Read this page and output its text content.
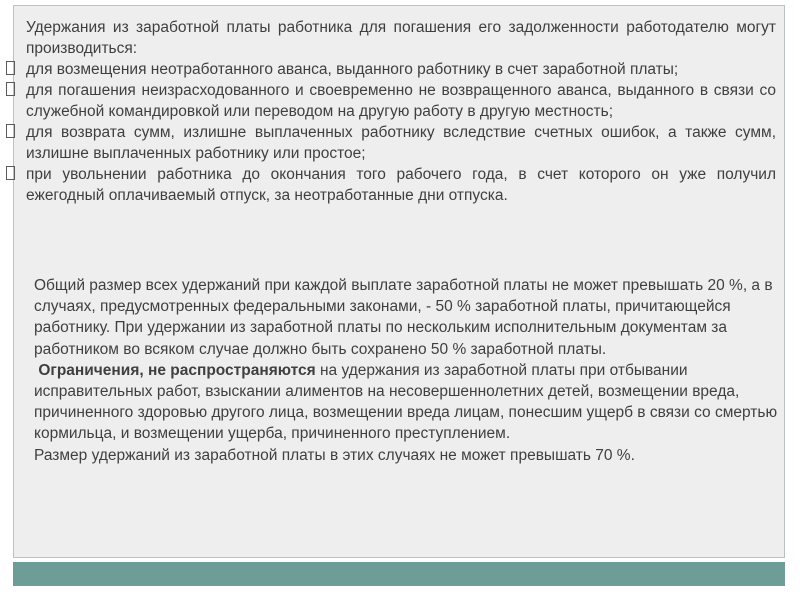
Удержания из заработной платы работника для погашения его задолженности работодателю могут производиться:

для возмещения неотработанного аванса, выданного работнику в счет заработной платы;

для погашения неизрасходованного и своевременно не возвращенного аванса, выданного в связи со служебной командировкой или переводом на другую работу в другую местность;

для возврата сумм, излишне выплаченных работнику вследствие счетных ошибок, а также сумм, излишне выплаченных работнику или простое;

при увольнении работника до окончания того рабочего года, в счет которого он уже получил ежегодный оплачиваемый отпуск, за неотработанные дни отпуска.

Общий размер всех удержаний при каждой выплате заработной платы не может превышать 20 %, а в случаях, предусмотренных федеральными законами, - 50 % заработной платы, причитающейся работнику. При удержании из заработной платы по нескольким исполнительным документам за работником во всяком случае должно быть сохранено 50 % заработной платы.

Ограничения, не распространяются на удержания из заработной платы при отбывании исправительных работ, взыскании алиментов на несовершеннолетних детей, возмещении вреда, причиненного здоровью другого лица, возмещении вреда лицам, понесшим ущерб в связи со смертью кормильца, и возмещении ущерба, причиненного преступлением.

Размер удержаний из заработной платы в этих случаях не может превышать 70 %.
